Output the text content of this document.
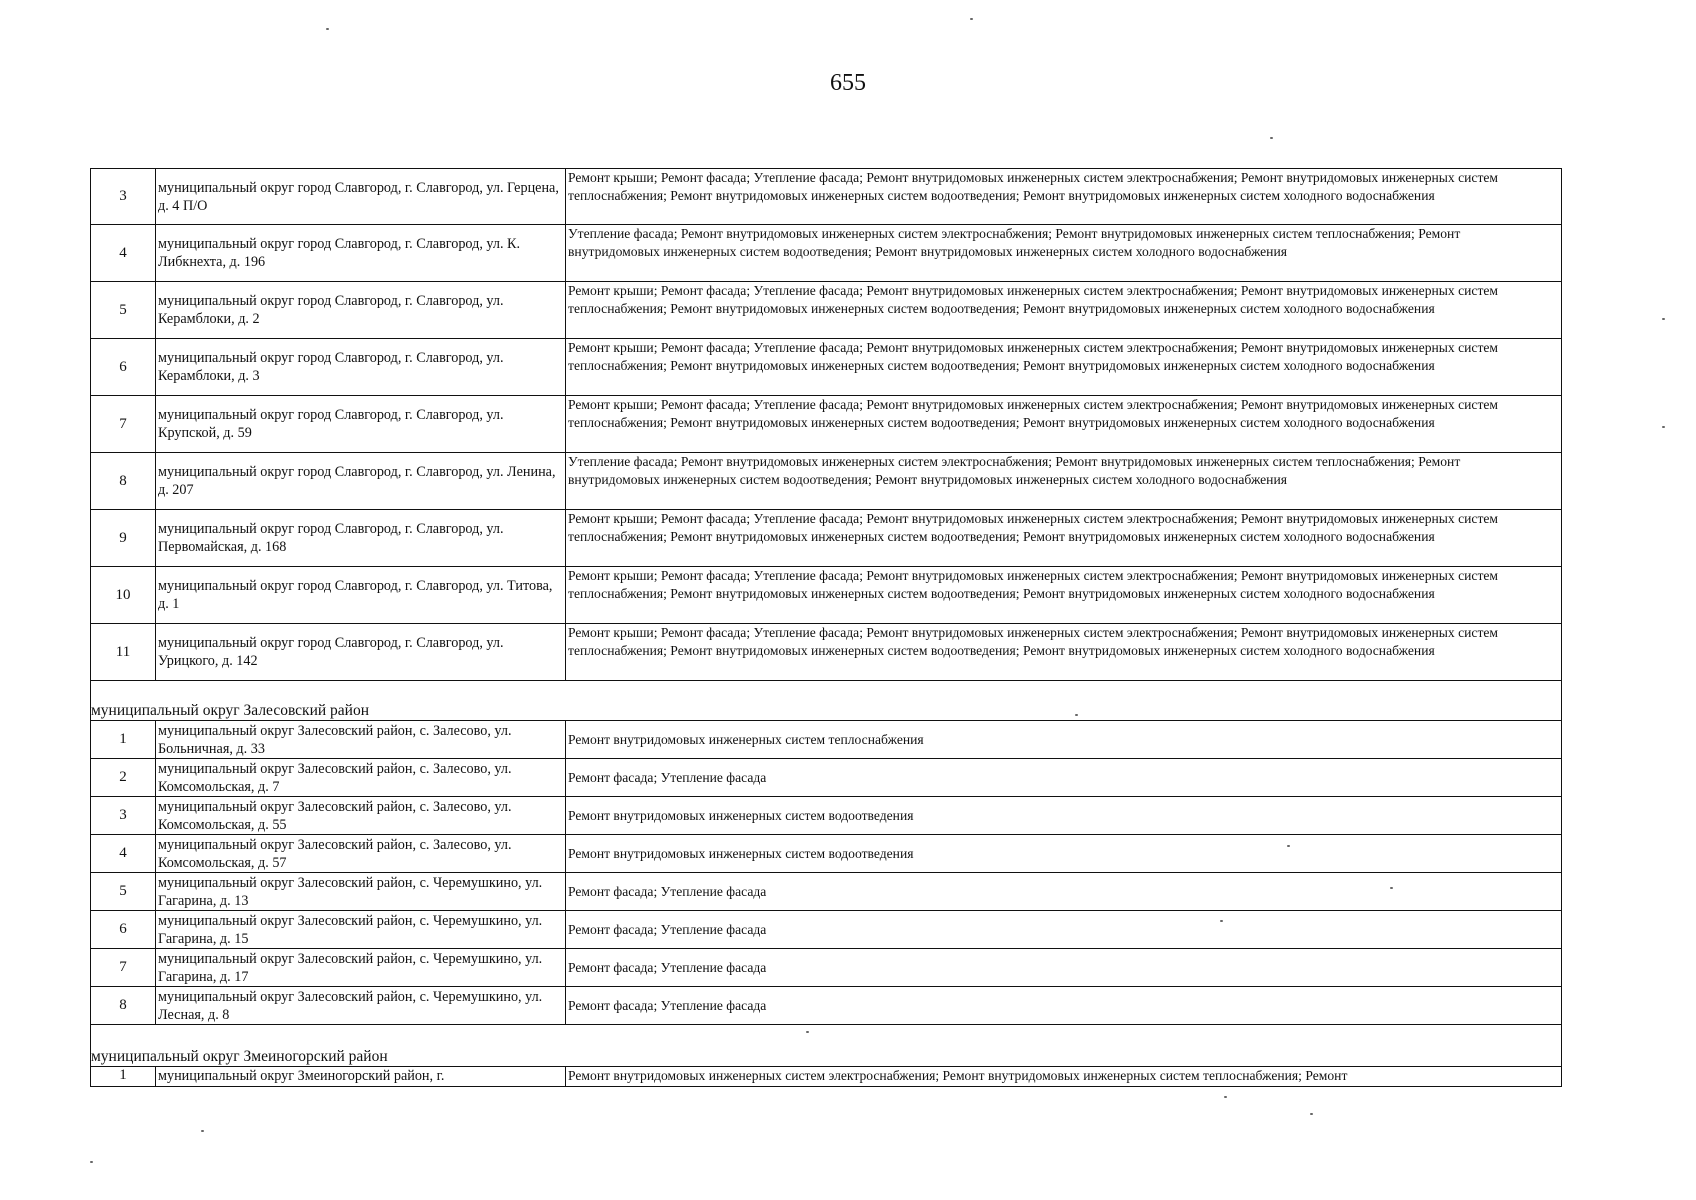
655
3
муниципальный округ город Славгород, г. Славгород, ул. Герцена, д. 4 П/О
Ремонт крыши; Ремонт фасада; Утепление фасада; Ремонт внутридомовых инженерных систем электроснабжения; Ремонт внутридомовых инженерных систем теплоснабжения; Ремонт внутридомовых инженерных систем водоотведения; Ремонт внутридомовых инженерных систем холодного водоснабжения
4
муниципальный округ город Славгород, г. Славгород, ул. К. Либкнехта, д. 196
Утепление фасада; Ремонт внутридомовых инженерных систем электроснабжения; Ремонт внутридомовых инженерных систем теплоснабжения; Ремонт внутридомовых инженерных систем водоотведения; Ремонт внутридомовых инженерных систем холодного водоснабжения
5
муниципальный округ город Славгород, г. Славгород, ул. Керамблоки, д. 2
Ремонт крыши; Ремонт фасада; Утепление фасада; Ремонт внутридомовых инженерных систем электроснабжения; Ремонт внутридомовых инженерных систем теплоснабжения; Ремонт внутридомовых инженерных систем водоотведения; Ремонт внутридомовых инженерных систем холодного водоснабжения
6
муниципальный округ город Славгород, г. Славгород, ул. Керамблоки, д. 3
Ремонт крыши; Ремонт фасада; Утепление фасада; Ремонт внутридомовых инженерных систем электроснабжения; Ремонт внутридомовых инженерных систем теплоснабжения; Ремонт внутридомовых инженерных систем водоотведения; Ремонт внутридомовых инженерных систем холодного водоснабжения
7
муниципальный округ город Славгород, г. Славгород, ул. Крупской, д. 59
Ремонт крыши; Ремонт фасада; Утепление фасада; Ремонт внутридомовых инженерных систем электроснабжения; Ремонт внутридомовых инженерных систем теплоснабжения; Ремонт внутридомовых инженерных систем водоотведения; Ремонт внутридомовых инженерных систем холодного водоснабжения
8
муниципальный округ город Славгород, г. Славгород, ул. Ленина, д. 207
Утепление фасада; Ремонт внутридомовых инженерных систем электроснабжения; Ремонт внутридомовых инженерных систем теплоснабжения; Ремонт внутридомовых инженерных систем водоотведения; Ремонт внутридомовых инженерных систем холодного водоснабжения
9
муниципальный округ город Славгород, г. Славгород, ул. Первомайская, д. 168
Ремонт крыши; Ремонт фасада; Утепление фасада; Ремонт внутридомовых инженерных систем электроснабжения; Ремонт внутридомовых инженерных систем теплоснабжения; Ремонт внутридомовых инженерных систем водоотведения; Ремонт внутридомовых инженерных систем холодного водоснабжения
10
муниципальный округ город Славгород, г. Славгород, ул. Титова, д. 1
Ремонт крыши; Ремонт фасада; Утепление фасада; Ремонт внутридомовых инженерных систем электроснабжения; Ремонт внутридомовых инженерных систем теплоснабжения; Ремонт внутридомовых инженерных систем водоотведения; Ремонт внутридомовых инженерных систем холодного водоснабжения
11
муниципальный округ город Славгород, г. Славгород, ул. Урицкого, д. 142
Ремонт крыши; Ремонт фасада; Утепление фасада; Ремонт внутридомовых инженерных систем электроснабжения; Ремонт внутридомовых инженерных систем теплоснабжения; Ремонт внутридомовых инженерных систем водоотведения; Ремонт внутридомовых инженерных систем холодного водоснабжения
муниципальный округ Залесовский район
1
муниципальный округ Залесовский район, с. Залесово, ул. Больничная, д. 33
Ремонт внутридомовых инженерных систем теплоснабжения
2
муниципальный округ Залесовский район, с. Залесово, ул. Комсомольская, д. 7
Ремонт фасада; Утепление фасада
3
муниципальный округ Залесовский район, с. Залесово, ул. Комсомольская, д. 55
Ремонт внутридомовых инженерных систем водоотведения
4
муниципальный округ Залесовский район, с. Залесово, ул. Комсомольская, д. 57
Ремонт внутридомовых инженерных систем водоотведения
5
муниципальный округ Залесовский район, с. Черемушкино, ул. Гагарина, д. 13
Ремонт фасада; Утепление фасада
6
муниципальный округ Залесовский район, с. Черемушкино, ул. Гагарина, д. 15
Ремонт фасада; Утепление фасада
7
муниципальный округ Залесовский район, с. Черемушкино, ул. Гагарина, д. 17
Ремонт фасада; Утепление фасада
8
муниципальный округ Залесовский район, с. Черемушкино, ул. Лесная, д. 8
Ремонт фасада; Утепление фасада
муниципальный округ Змеиногорский район
1	муниципальный округ Змеиногорский район, г.	Ремонт внутридомовых инженерных систем электроснабжения; Ремонт внутридомовых инженерных систем теплоснабжения; Ремонт
